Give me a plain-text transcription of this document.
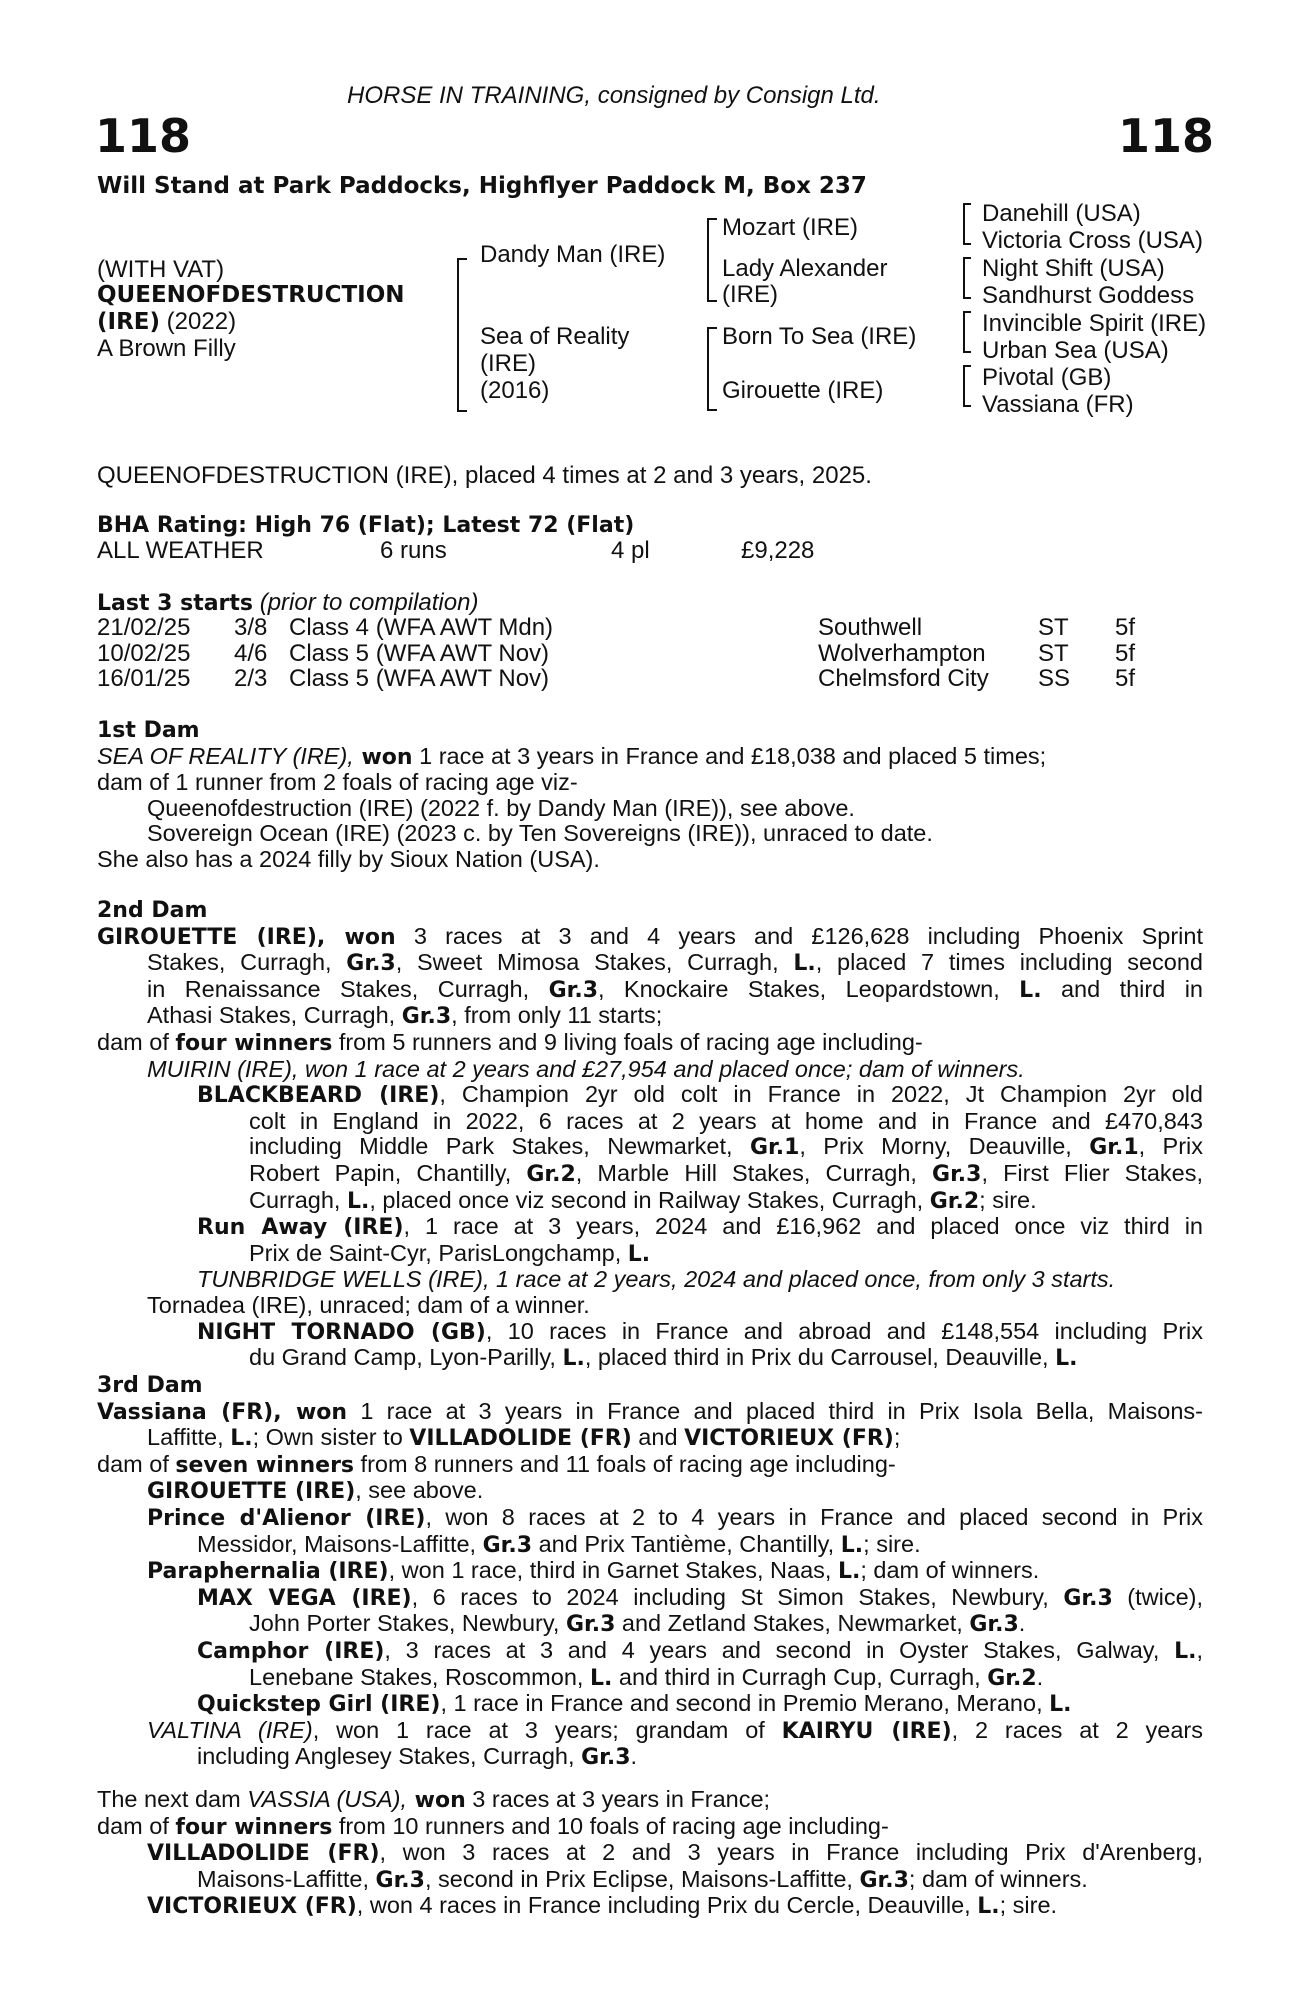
HORSE IN TRAINING, consigned by Consign Ltd.
118	118
Will Stand at Park Paddocks, Highflyer Paddock M, Box 237
(WITH VAT)
QUEENOFDESTRUCTION
(IRE) (2022)
A Brown Filly
Dandy Man (IRE)
Sea of Reality
(IRE)
(2016)
Mozart (IRE)
Lady Alexander
(IRE)
Born To Sea (IRE)
Girouette (IRE)
Danehill (USA)
Victoria Cross (USA)
Night Shift (USA)
Sandhurst Goddess
Invincible Spirit (IRE)
Urban Sea (USA)
Pivotal (GB)
Vassiana (FR)
QUEENOFDESTRUCTION (IRE), placed 4 times at 2 and 3 years, 2025.
BHA Rating: High 76 (Flat); Latest 72 (Flat)
ALL WEATHER	6 runs	4 pl	£9,228
Last 3 starts (prior to compilation)
21/02/25 3/8 Class 4 (WFA AWT Mdn)	Southwell	ST 5f
10/02/25 4/6 Class 5 (WFA AWT Nov)	Wolverhampton ST 5f
16/01/25 2/3 Class 5 (WFA AWT Nov)	Chelmsford City SS 5f
1st Dam
SEA OF REALITY (IRE), won 1 race at 3 years in France and £18,038 and placed 5 times;
dam of 1 runner from 2 foals of racing age viz-
Queenofdestruction (IRE) (2022 f. by Dandy Man (IRE)), see above.
Sovereign Ocean (IRE) (2023 c. by Ten Sovereigns (IRE)), unraced to date.
She also has a 2024 filly by Sioux Nation (USA).
2nd Dam
GIROUETTE (IRE), won 3 races at 3 and 4 years and £126,628 including Phoenix Sprint
Stakes, Curragh, Gr.3, Sweet Mimosa Stakes, Curragh, L., placed 7 times including second
in Renaissance Stakes, Curragh, Gr.3, Knockaire Stakes, Leopardstown, L. and third in
Athasi Stakes, Curragh, Gr.3, from only 11 starts;
dam of four winners from 5 runners and 9 living foals of racing age including-
MUIRIN (IRE), won 1 race at 2 years and £27,954 and placed once; dam of winners.
BLACKBEARD (IRE), Champion 2yr old colt in France in 2022, Jt Champion 2yr old
colt in England in 2022, 6 races at 2 years at home and in France and £470,843
including Middle Park Stakes, Newmarket, Gr.1, Prix Morny, Deauville, Gr.1, Prix
Robert Papin, Chantilly, Gr.2, Marble Hill Stakes, Curragh, Gr.3, First Flier Stakes,
Curragh, L., placed once viz second in Railway Stakes, Curragh, Gr.2; sire.
Run Away (IRE), 1 race at 3 years, 2024 and £16,962 and placed once viz third in
Prix de Saint-Cyr, ParisLongchamp, L.
TUNBRIDGE WELLS (IRE), 1 race at 2 years, 2024 and placed once, from only 3 starts.
Tornadea (IRE), unraced; dam of a winner.
NIGHT TORNADO (GB), 10 races in France and abroad and £148,554 including Prix
du Grand Camp, Lyon-Parilly, L., placed third in Prix du Carrousel, Deauville, L.
3rd Dam
Vassiana (FR), won 1 race at 3 years in France and placed third in Prix Isola Bella, Maisons-
Laffitte, L.; Own sister to VILLADOLIDE (FR) and VICTORIEUX (FR);
dam of seven winners from 8 runners and 11 foals of racing age including-
GIROUETTE (IRE), see above.
Prince d'Alienor (IRE), won 8 races at 2 to 4 years in France and placed second in Prix
Messidor, Maisons-Laffitte, Gr.3 and Prix Tantième, Chantilly, L.; sire.
Paraphernalia (IRE), won 1 race, third in Garnet Stakes, Naas, L.; dam of winners.
MAX VEGA (IRE), 6 races to 2024 including St Simon Stakes, Newbury, Gr.3 (twice),
John Porter Stakes, Newbury, Gr.3 and Zetland Stakes, Newmarket, Gr.3.
Camphor (IRE), 3 races at 3 and 4 years and second in Oyster Stakes, Galway, L.,
Lenebane Stakes, Roscommon, L. and third in Curragh Cup, Curragh, Gr.2.
Quickstep Girl (IRE), 1 race in France and second in Premio Merano, Merano, L.
VALTINA (IRE), won 1 race at 3 years; grandam of KAIRYU (IRE), 2 races at 2 years
including Anglesey Stakes, Curragh, Gr.3.
The next dam VASSIA (USA), won 3 races at 3 years in France;
dam of four winners from 10 runners and 10 foals of racing age including-
VILLADOLIDE (FR), won 3 races at 2 and 3 years in France including Prix d'Arenberg,
Maisons-Laffitte, Gr.3, second in Prix Eclipse, Maisons-Laffitte, Gr.3; dam of winners.
VICTORIEUX (FR), won 4 races in France including Prix du Cercle, Deauville, L.; sire.
